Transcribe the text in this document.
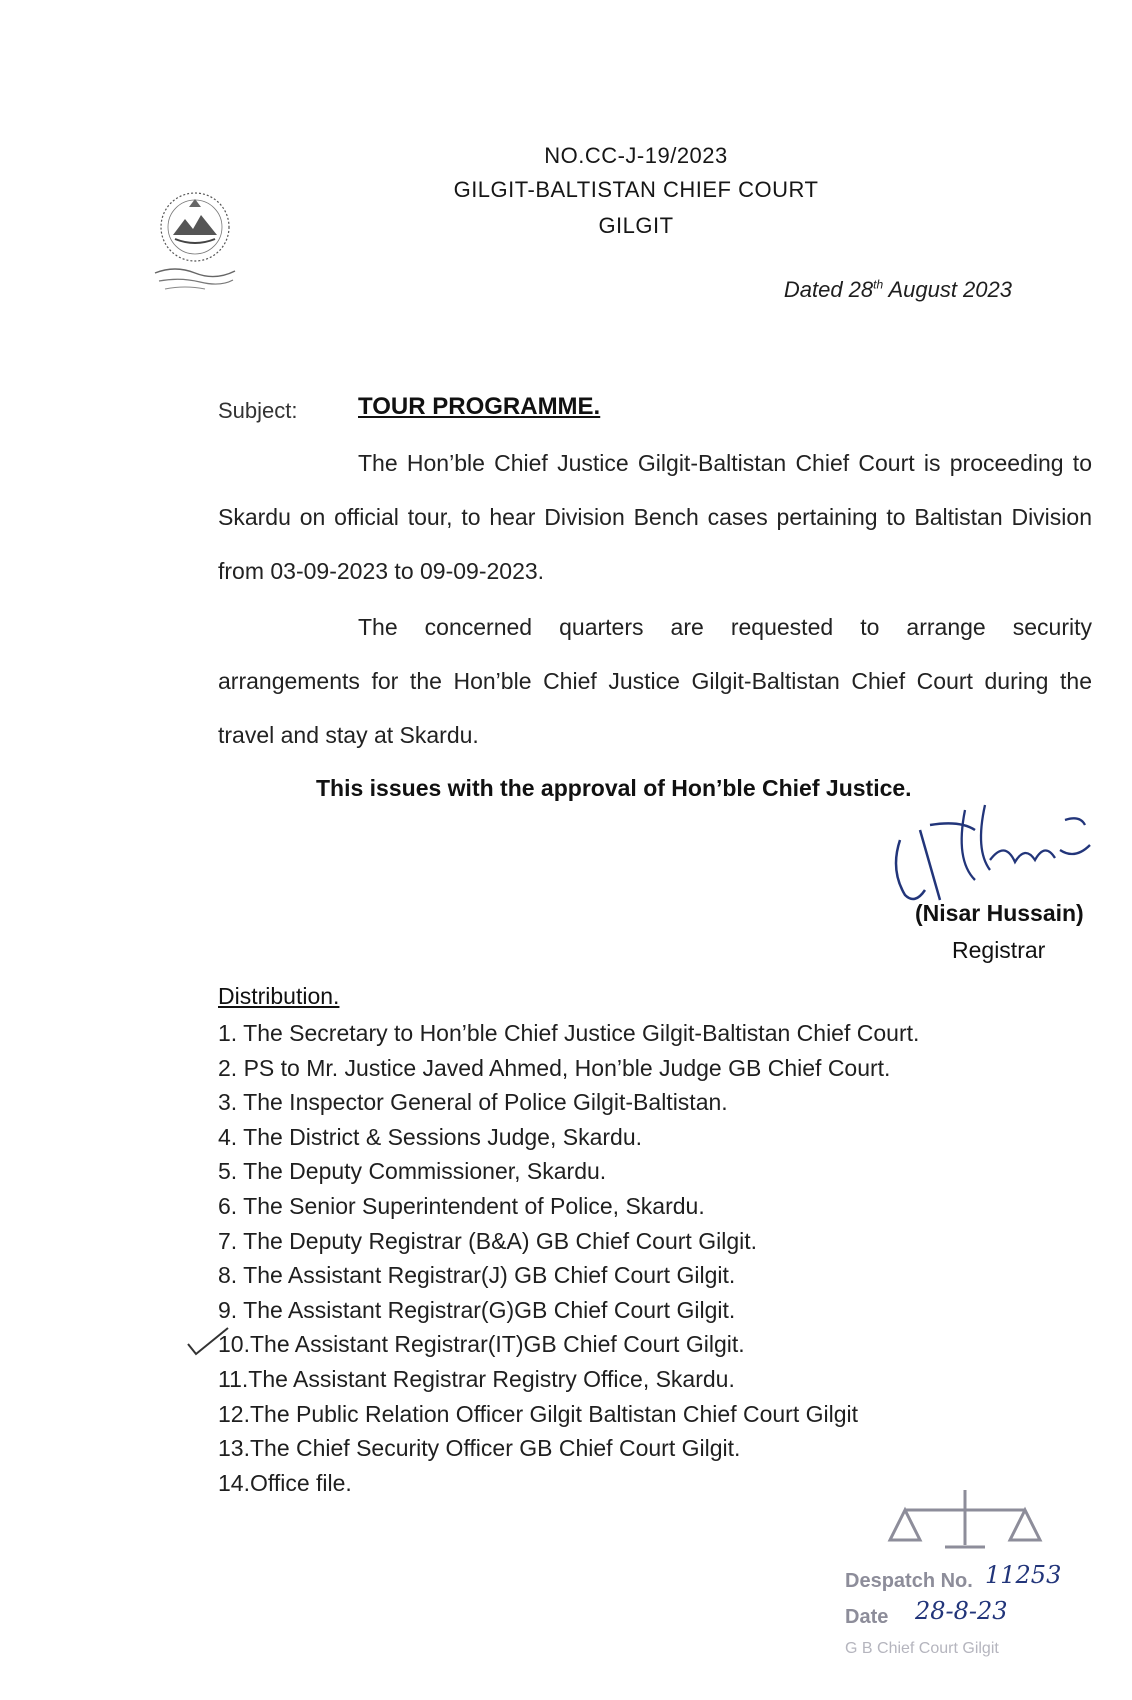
NO.CC-J-19/2023
GILGIT-BALTISTAN CHIEF COURT
GILGIT
Dated 28th August 2023
Subject:	TOUR PROGRAMME.
The Hon’ble Chief Justice Gilgit-Baltistan Chief Court is proceeding to Skardu on official tour, to hear Division Bench cases pertaining to Baltistan Division from 03-09-2023 to 09-09-2023.
The concerned quarters are requested to arrange security arrangements for the Hon’ble Chief Justice Gilgit-Baltistan Chief Court during the travel and stay at Skardu.
This issues with the approval of Hon’ble Chief Justice.
(Nisar Hussain)
Registrar
Distribution.
1. The Secretary to Hon’ble Chief Justice Gilgit-Baltistan Chief Court.
2. PS to Mr. Justice Javed Ahmed, Hon’ble Judge GB Chief Court.
3. The Inspector General of Police Gilgit-Baltistan.
4. The District & Sessions Judge, Skardu.
5. The Deputy Commissioner, Skardu.
6. The Senior Superintendent of Police, Skardu.
7. The Deputy Registrar (B&A) GB Chief Court Gilgit.
8. The Assistant Registrar(J) GB Chief Court Gilgit.
9. The Assistant Registrar(G)GB Chief Court Gilgit.
10.The Assistant Registrar(IT)GB Chief Court Gilgit.
11.The Assistant Registrar Registry Office, Skardu.
12.The Public Relation Officer Gilgit Baltistan Chief Court Gilgit
13.The Chief Security Officer GB Chief Court Gilgit.
14.Office file.
Despatch No. 11253
Date 28-8-23
G B Chief Court Gilgit
